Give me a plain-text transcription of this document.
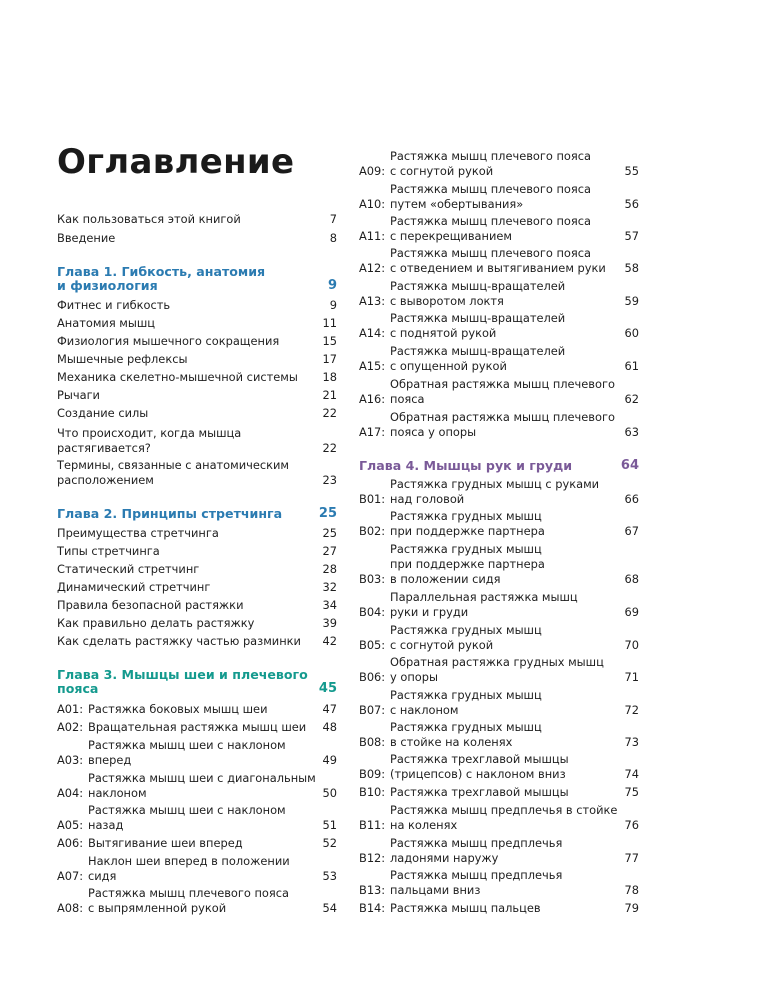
Оглавление
Как пользоваться этой книгой	7
Введение	8
Глава 1. Гибкость, анатомия
и физиология	9
Фитнес и гибкость	9
Анатомия мышц	11
Физиология мышечного сокращения	15
Мышечные рефлексы	17
Механика скелетно-мышечной системы	18
Рычаги	21
Создание силы	22
Что происходит, когда мышца
растягивается?	22
Термины, связанные с анатомическим
расположением	23
Глава 2. Принципы стретчинга	25
Преимущества стретчинга	25
Типы стретчинга	27
Статический стретчинг	28
Динамический стретчинг	32
Правила безопасной растяжки	34
Как правильно делать растяжку	39
Как сделать растяжку частью разминки	42
Глава 3. Мышцы шеи и плечевого
пояса	45
A01: Растяжка боковых мышц шеи	47
A02: Вращательная растяжка мышц шеи	48
A03:
Растяжка мышц шеи с наклоном
вперед	49
A04:
Растяжка мышц шеи с диагональным
наклоном	50
A05:
Растяжка мышц шеи с наклоном
назад	51
A06: Вытягивание шеи вперед	52
A07:
Наклон шеи вперед в положении
сидя	53
A08:
Растяжка мышц плечевого пояса
с выпрямленной рукой	54
A09:
Растяжка мышц плечевого пояса
с согнутой рукой	55
A10:
Растяжка мышц плечевого пояса
путем «обертывания»	56
A11:
Растяжка мышц плечевого пояса
с перекрещиванием	57
A12:
Растяжка мышц плечевого пояса
с отведением и вытягиванием руки	58
A13:
Растяжка мышц-вращателей
с выворотом локтя	59
A14:
Растяжка мышц-вращателей
с поднятой рукой	60
A15:
Растяжка мышц-вращателей
с опущенной рукой	61
A16:
Обратная растяжка мышц плечевого
пояса	62
A17:
Обратная растяжка мышц плечевого
пояса у опоры	63
Глава 4. Мышцы рук и груди	64
B01:
Растяжка грудных мышц с руками
над головой	66
B02:
Растяжка грудных мышц
при поддержке партнера	67
B03:
Растяжка грудных мышц
при поддержке партнера
в положении сидя	68
B04:
Параллельная растяжка мышц
руки и груди	69
B05:
Растяжка грудных мышц
с согнутой рукой	70
B06:
Обратная растяжка грудных мышц
у опоры	71
B07:
Растяжка грудных мышц
с наклоном	72
B08:
Растяжка грудных мышц
в стойке на коленях	73
B09:
Растяжка трехглавой мышцы
(трицепсов) с наклоном вниз	74
B10: Растяжка трехглавой мышцы	75
B11:
Растяжка мышц предплечья в стойке
на коленях	76
B12:
Растяжка мышц предплечья
ладонями наружу	77
B13:
Растяжка мышц предплечья
пальцами вниз	78
B14: Растяжка мышц пальцев	79
